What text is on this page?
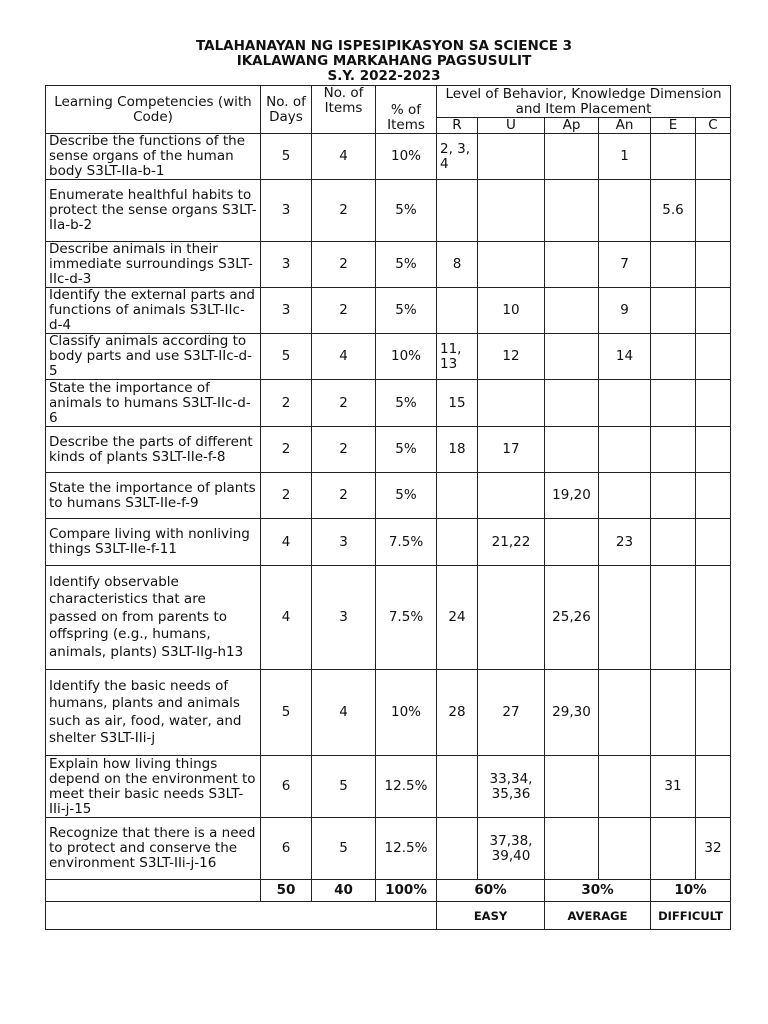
TALAHANAYAN NG ISPESIPIKASYON SA SCIENCE 3
IKALAWANG MARKAHANG PAGSUSULIT
S.Y. 2022-2023
Learning Competencies (with Code)	No. of Days	No. of Items	% of Items	Level of Behavior, Knowledge Dimension and Item Placement					
				R	U	Ap	An	E	C
Describe the functions of the sense organs of the human body S3LT-IIa-b-1	5	4	10%	2, 3, 4			1		
Enumerate healthful habits to protect the sense organs S3LT-IIa-b-2	3	2	5%					5.6	
Describe animals in their immediate surroundings S3LT-IIc-d-3	3	2	5%	8			7		
Identify the external parts and functions of animals S3LT-IIc-d-4	3	2	5%		10		9		
Classify animals according to body parts and use S3LT-IIc-d-5	5	4	10%	11, 13	12		14		
State the importance of animals to humans S3LT-IIc-d-6	2	2	5%	15					
Describe the parts of different kinds of plants S3LT-IIe-f-8	2	2	5%	18	17				
State the importance of plants to humans S3LT-IIe-f-9	2	2	5%			19,20			
Compare living with nonliving things S3LT-IIe-f-11	4	3	7.5%		21,22		23		
Identify observable characteristics that are passed on from parents to offspring (e.g., humans, animals, plants) S3LT-IIg-h13	4	3	7.5%	24		25,26			
Identify the basic needs of humans, plants and animals such as air, food, water, and shelter S3LT-IIi-j	5	4	10%	28	27	29,30			
Explain how living things depend on the environment to meet their basic needs S3LT-IIi-j-15	6	5	12.5%		33,34, 35,36			31	
Recognize that there is a need to protect and conserve the environment S3LT-IIi-j-16	6	5	12.5%		37,38, 39,40				32
	50	40	100%	60%		30%		10%	
				EASY		AVERAGE		DIFFICULT	
